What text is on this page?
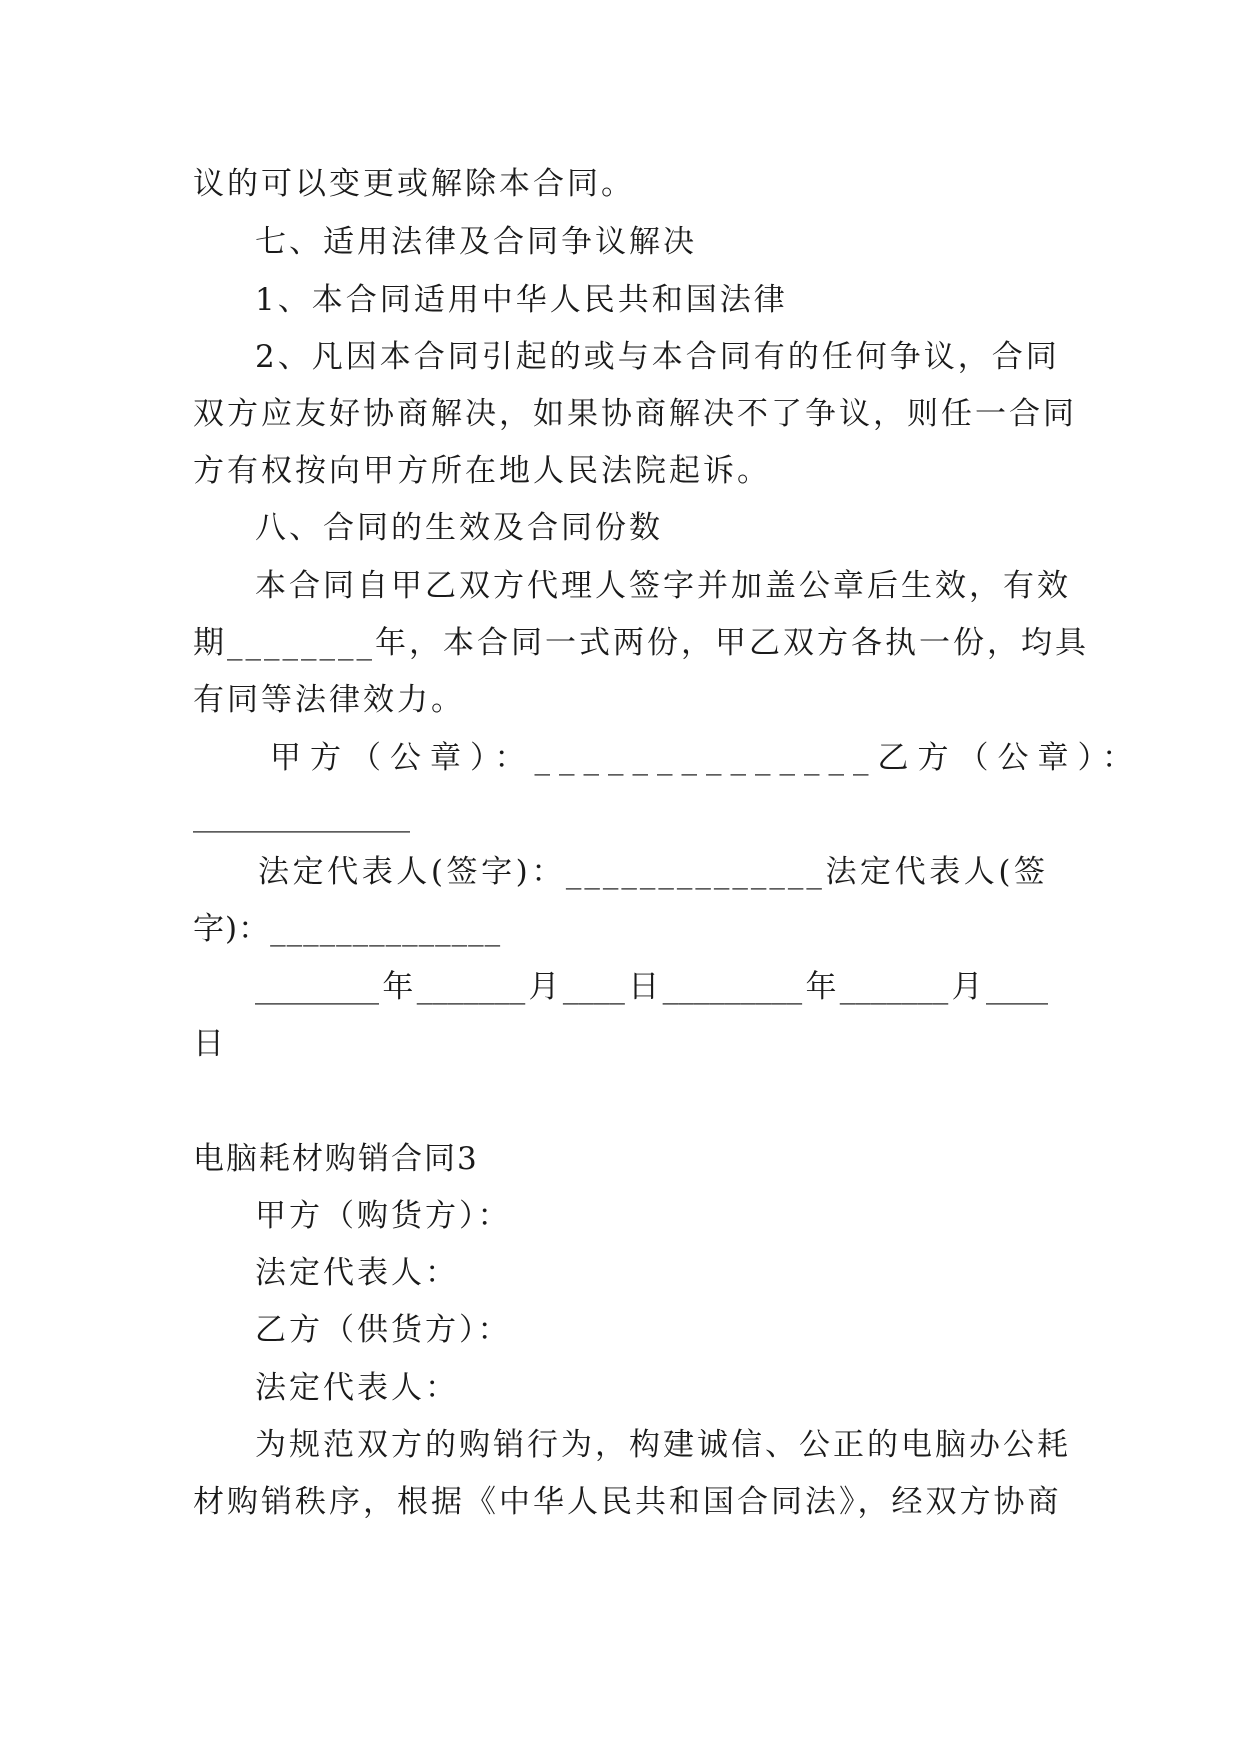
议的可以变更或解除本合同。
七、适用法律及合同争议解决
1、本合同适用中华人民共和国法律
2、凡因本合同引起的或与本合同有的任何争议，合同
双方应友好协商解决，如果协商解决不了争议，则任一合同
方有权按向甲方所在地人民法院起诉。
八、合同的生效及合同份数
本合同自甲乙双方代理人签字并加盖公章后生效，有效
期________年，本合同一式两份，甲乙双方各执一份，均具
有同等法律效力。
甲方（公章）：______________乙方（公章）：
______________
法定代表人(签字)：______________法定代表人(签
字)：______________
________年_______月____日_________年_______月____
日
电脑耗材购销合同3
甲方（购货方）：
法定代表人：
乙方（供货方）：
法定代表人：
为规范双方的购销行为，构建诚信、公正的电脑办公耗
材购销秩序，根据《中华人民共和国合同法》，经双方协商
